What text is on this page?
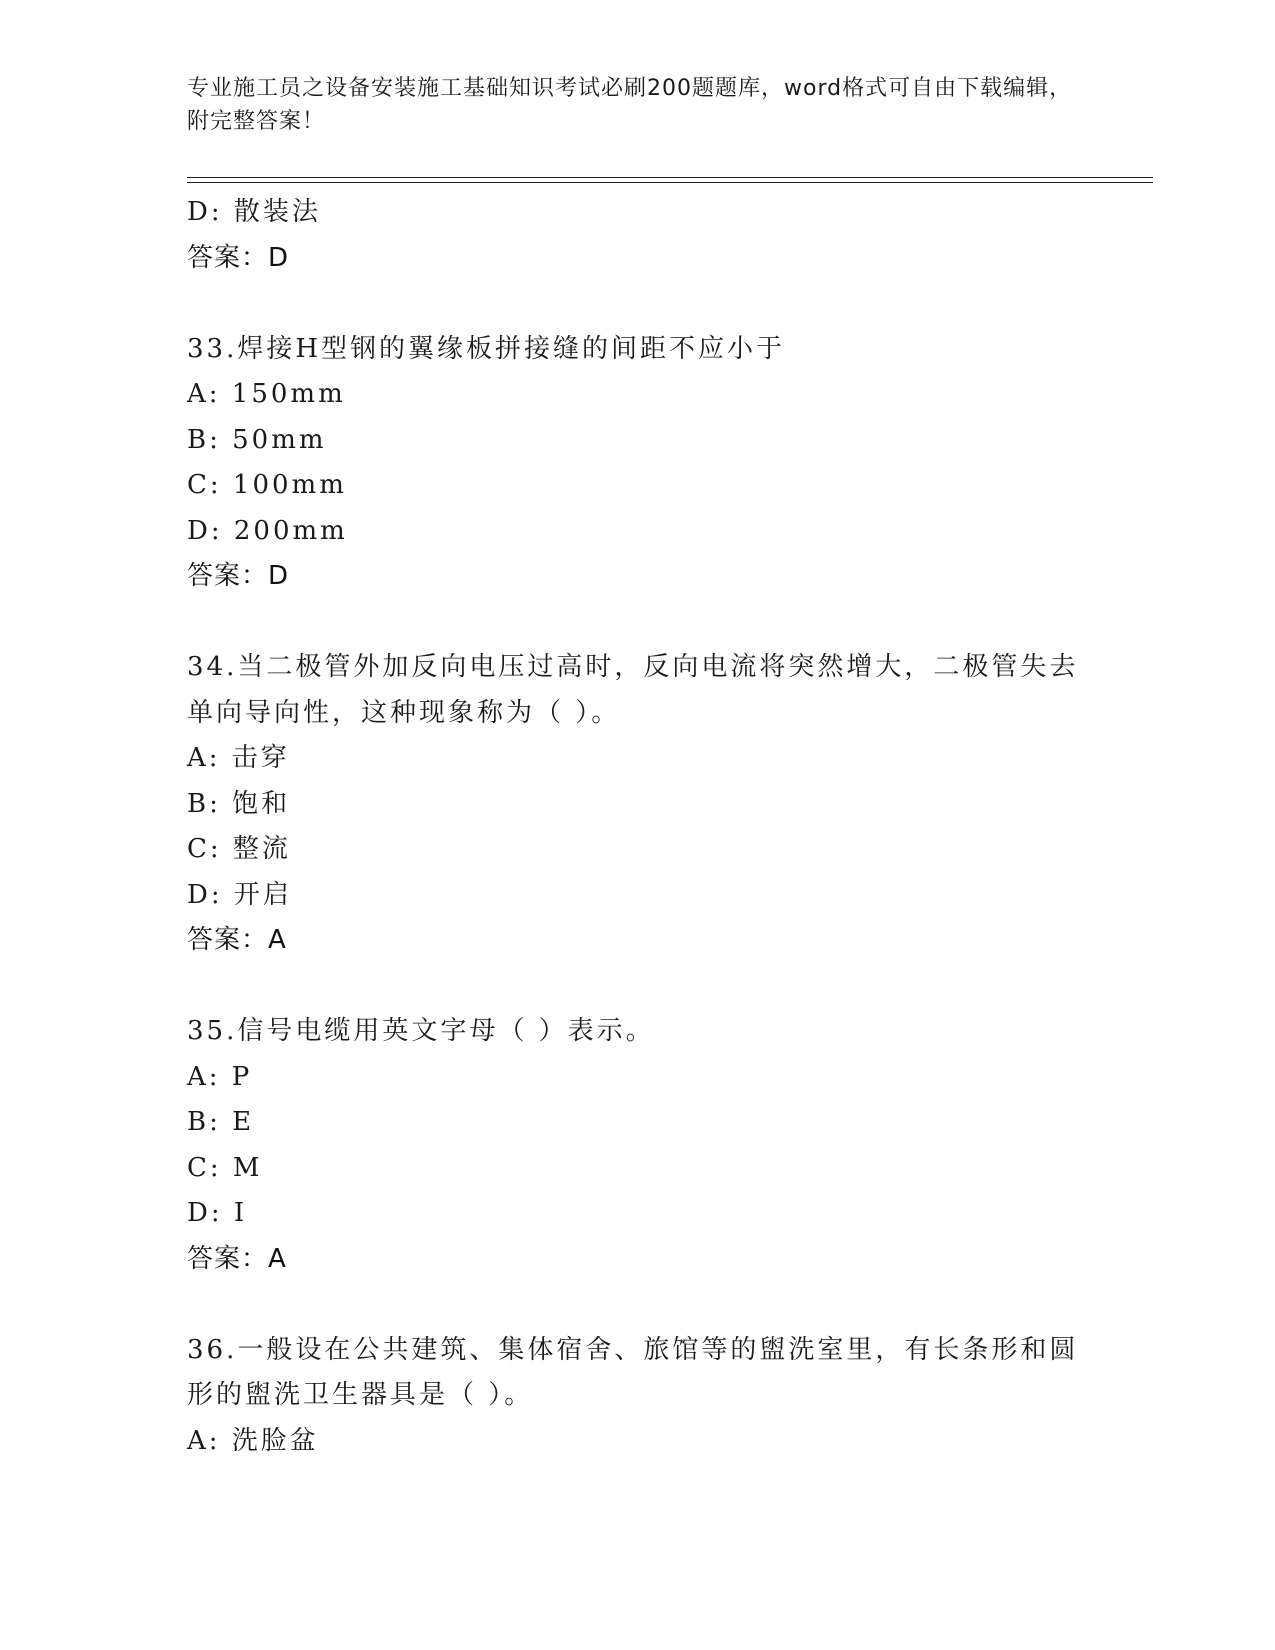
专业施工员之设备安装施工基础知识考试必刷200题题库，word格式可自由下载编辑，附完整答案！
D: 散装法
答案：D
33.焊接H型钢的翼缘板拼接缝的间距不应小于
A: 150mm
B: 50mm
C: 100mm
D: 200mm
答案：D
34.当二极管外加反向电压过高时，反向电流将突然增大，二极管失去
单向导向性，这种现象称为（ ）。
A: 击穿
B: 饱和
C: 整流
D: 开启
答案：A
35.信号电缆用英文字母（ ）表示。
A: P
B: E
C: M
D: I
答案：A
36.一般设在公共建筑、集体宿舍、旅馆等的盥洗室里，有长条形和圆
形的盥洗卫生器具是（ ）。
A: 洗脸盆
